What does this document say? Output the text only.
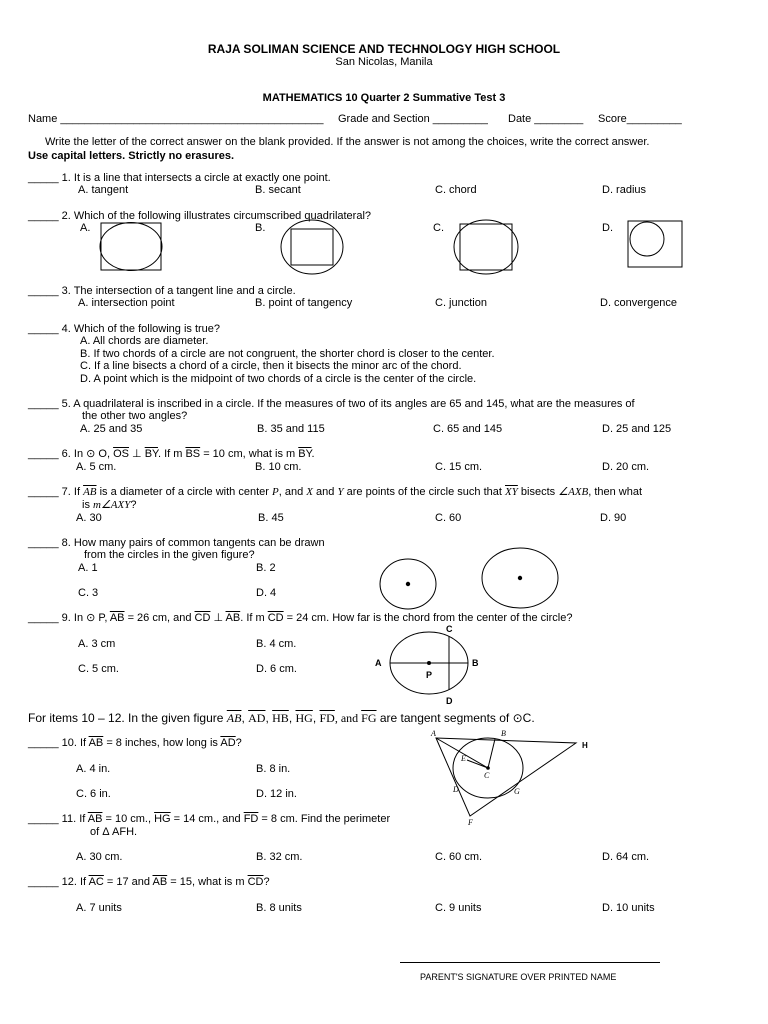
RAJA SOLIMAN SCIENCE AND TECHNOLOGY HIGH SCHOOL
San Nicolas, Manila
MATHEMATICS 10 Quarter 2 Summative Test 3
Name ___________________________________________ Grade and Section _________ Date ________ Score_________
Write the letter of the correct answer on the blank provided. If the answer is not among the choices, write the correct answer.
Use capital letters. Strictly no erasures.
_____ 1. It is a line that intersects a circle at exactly one point.
A. tangent	B. secant	C. chord	D. radius
_____ 2. Which of the following illustrates circumscribed quadrilateral?
A.	B.	C.	D.
_____ 3. The intersection of a tangent line and a circle.
A. intersection point	B. point of tangency	C. junction	D. convergence
_____ 4. Which of the following is true?
A. All chords are diameter.
B. If two chords of a circle are not congruent, the shorter chord is closer to the center.
C. If a line bisects a chord of a circle, then it bisects the minor arc of the chord.
D. A point which is the midpoint of two chords of a circle is the center of the circle.
_____ 5. A quadrilateral is inscribed in a circle. If the measures of two of its angles are 65 and 145, what are the measures of
the other two angles?
A. 25 and 35	B. 35 and 115	C. 65 and 145	D. 25 and 125
_____ 6. In ⊙ O, $\overline{OS}$ ⊥ $\overline{BY}$. If m $\overline{BS} = 10$ cm, what is m $\overline{BY}$.
A. 5 cm.	B. 10 cm.	C. 15 cm.	D. 20 cm.
_____ 7. If $\overline{AB}$ is a diameter of a circle with center P, and X and Y are points of the circle such that $\overline{XY}$ bisects ∠AXB, then what
is m∠AXY?
A. 30	B. 45	C. 60	D. 90
_____ 8. How many pairs of common tangents can be drawn
from the circles in the given figure?
A. 1	B. 2
C. 3	D. 4
_____ 9. In ⊙ P, $\overline{AB} = 26$ cm, and $\overline{CD}$ ⊥ $\overline{AB}$. If m $\overline{CD} = 24$ cm. How far is the chord from the center of the circle?
A. 3 cm	B. 4 cm.
C. 5 cm.	D. 6 cm.
C
A	B
P
D
For items 10 – 12. In the given figure $\overline{AB}$, $\overline{AD}$, $\overline{HB}$, $\overline{HG}$, $\overline{FD}$, and $\overline{FG}$ are tangent segments of ⊙C.
A	B
H
E
C
D	G
F
_____ 10. If $\overline{AB} = 8$ inches, how long is $\overline{AD}$?
A. 4 in.	B. 8 in.
C. 6 in.	D. 12 in.
_____ 11. If $\overline{AB} = 10$ cm., $\overline{HG} = 14$ cm., and $\overline{FD} = 8$ cm. Find the perimeter
of Δ AFH.
A. 30 cm.	B. 32 cm.	C. 60 cm.	D. 64 cm.
_____ 12. If $\overline{AC} = 17$ and $\overline{AB} = 15$, what is m $\overline{CD}$?
A. 7 units	B. 8 units	C. 9 units	D. 10 units
PARENT'S SIGNATURE OVER PRINTED NAME
